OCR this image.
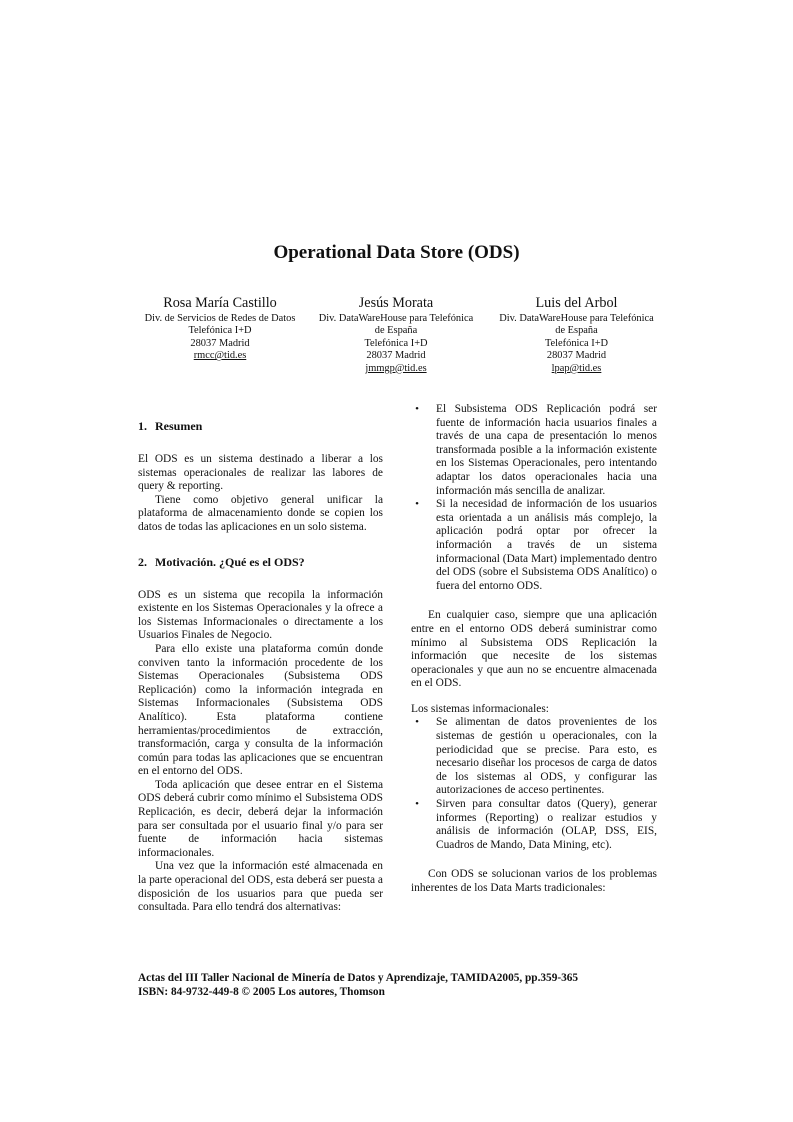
Operational Data Store (ODS)
Rosa María Castillo
Div. de Servicios de Redes de Datos
Telefónica I+D
28037 Madrid
rmcc@tid.es
Jesús Morata
Div. DataWareHouse para Telefónica
de España
Telefónica I+D
28037 Madrid
jmmgp@tid.es
Luis del Arbol
Div. DataWareHouse para Telefónica
de España
Telefónica I+D
28037 Madrid
lpap@tid.es
1. Resumen

El ODS es un sistema destinado a liberar a los sistemas operacionales de realizar las labores de query & reporting.

Tiene como objetivo general unificar la plataforma de almacenamiento donde se copien los datos de todas las aplicaciones en un solo sistema.

2. Motivación. ¿Qué es el ODS?

ODS es un sistema que recopila la información existente en los Sistemas Operacionales y la ofrece a los Sistemas Informacionales o directamente a los Usuarios Finales de Negocio.

Para ello existe una plataforma común donde conviven tanto la información procedente de los Sistemas Operacionales (Subsistema ODS Replicación) como la información integrada en Sistemas Informacionales (Subsistema ODS Analítico). Esta plataforma contiene herramientas/procedimientos de extracción, transformación, carga y consulta de la información común para todas las aplicaciones que se encuentran en el entorno del ODS.

Toda aplicación que desee entrar en el Sistema ODS deberá cubrir como mínimo el Subsistema ODS Replicación, es decir, deberá dejar la información para ser consultada por el usuario final y/o para ser fuente de información hacia sistemas informacionales.

Una vez que la información esté almacenada en la parte operacional del ODS, esta deberá ser puesta a disposición de los usuarios para que pueda ser consultada. Para ello tendrá dos alternativas:

•	El Subsistema ODS Replicación podrá ser fuente de información hacia usuarios finales a través de una capa de presentación lo menos transformada posible a la información existente en los Sistemas Operacionales, pero intentando adaptar los datos operacionales hacia una información más sencilla de analizar.
•	Si la necesidad de información de los usuarios esta orientada a un análisis más complejo, la aplicación podrá optar por ofrecer la información a través de un sistema informacional (Data Mart) implementado dentro del ODS (sobre el Subsistema ODS Analítico) o fuera del entorno ODS.

En cualquier caso, siempre que una aplicación entre en el entorno ODS deberá suministrar como mínimo al Subsistema ODS Replicación la información que necesite de los sistemas operacionales y que aun no se encuentre almacenada en el ODS.

Los sistemas informacionales:

•	Se alimentan de datos provenientes de los sistemas de gestión u operacionales, con la periodicidad que se precise. Para esto, es necesario diseñar los procesos de carga de datos de los sistemas al ODS, y configurar las autorizaciones de acceso pertinentes.
•	Sirven para consultar datos (Query), generar informes (Reporting) o realizar estudios y análisis de información (OLAP, DSS, EIS, Cuadros de Mando, Data Mining, etc).

Con ODS se solucionan varios de los problemas inherentes de los Data Marts tradicionales:

Actas del III Taller Nacional de Minería de Datos y Aprendizaje, TAMIDA2005, pp.359-365
ISBN: 84-9732-449-8 © 2005 Los autores, Thomson
